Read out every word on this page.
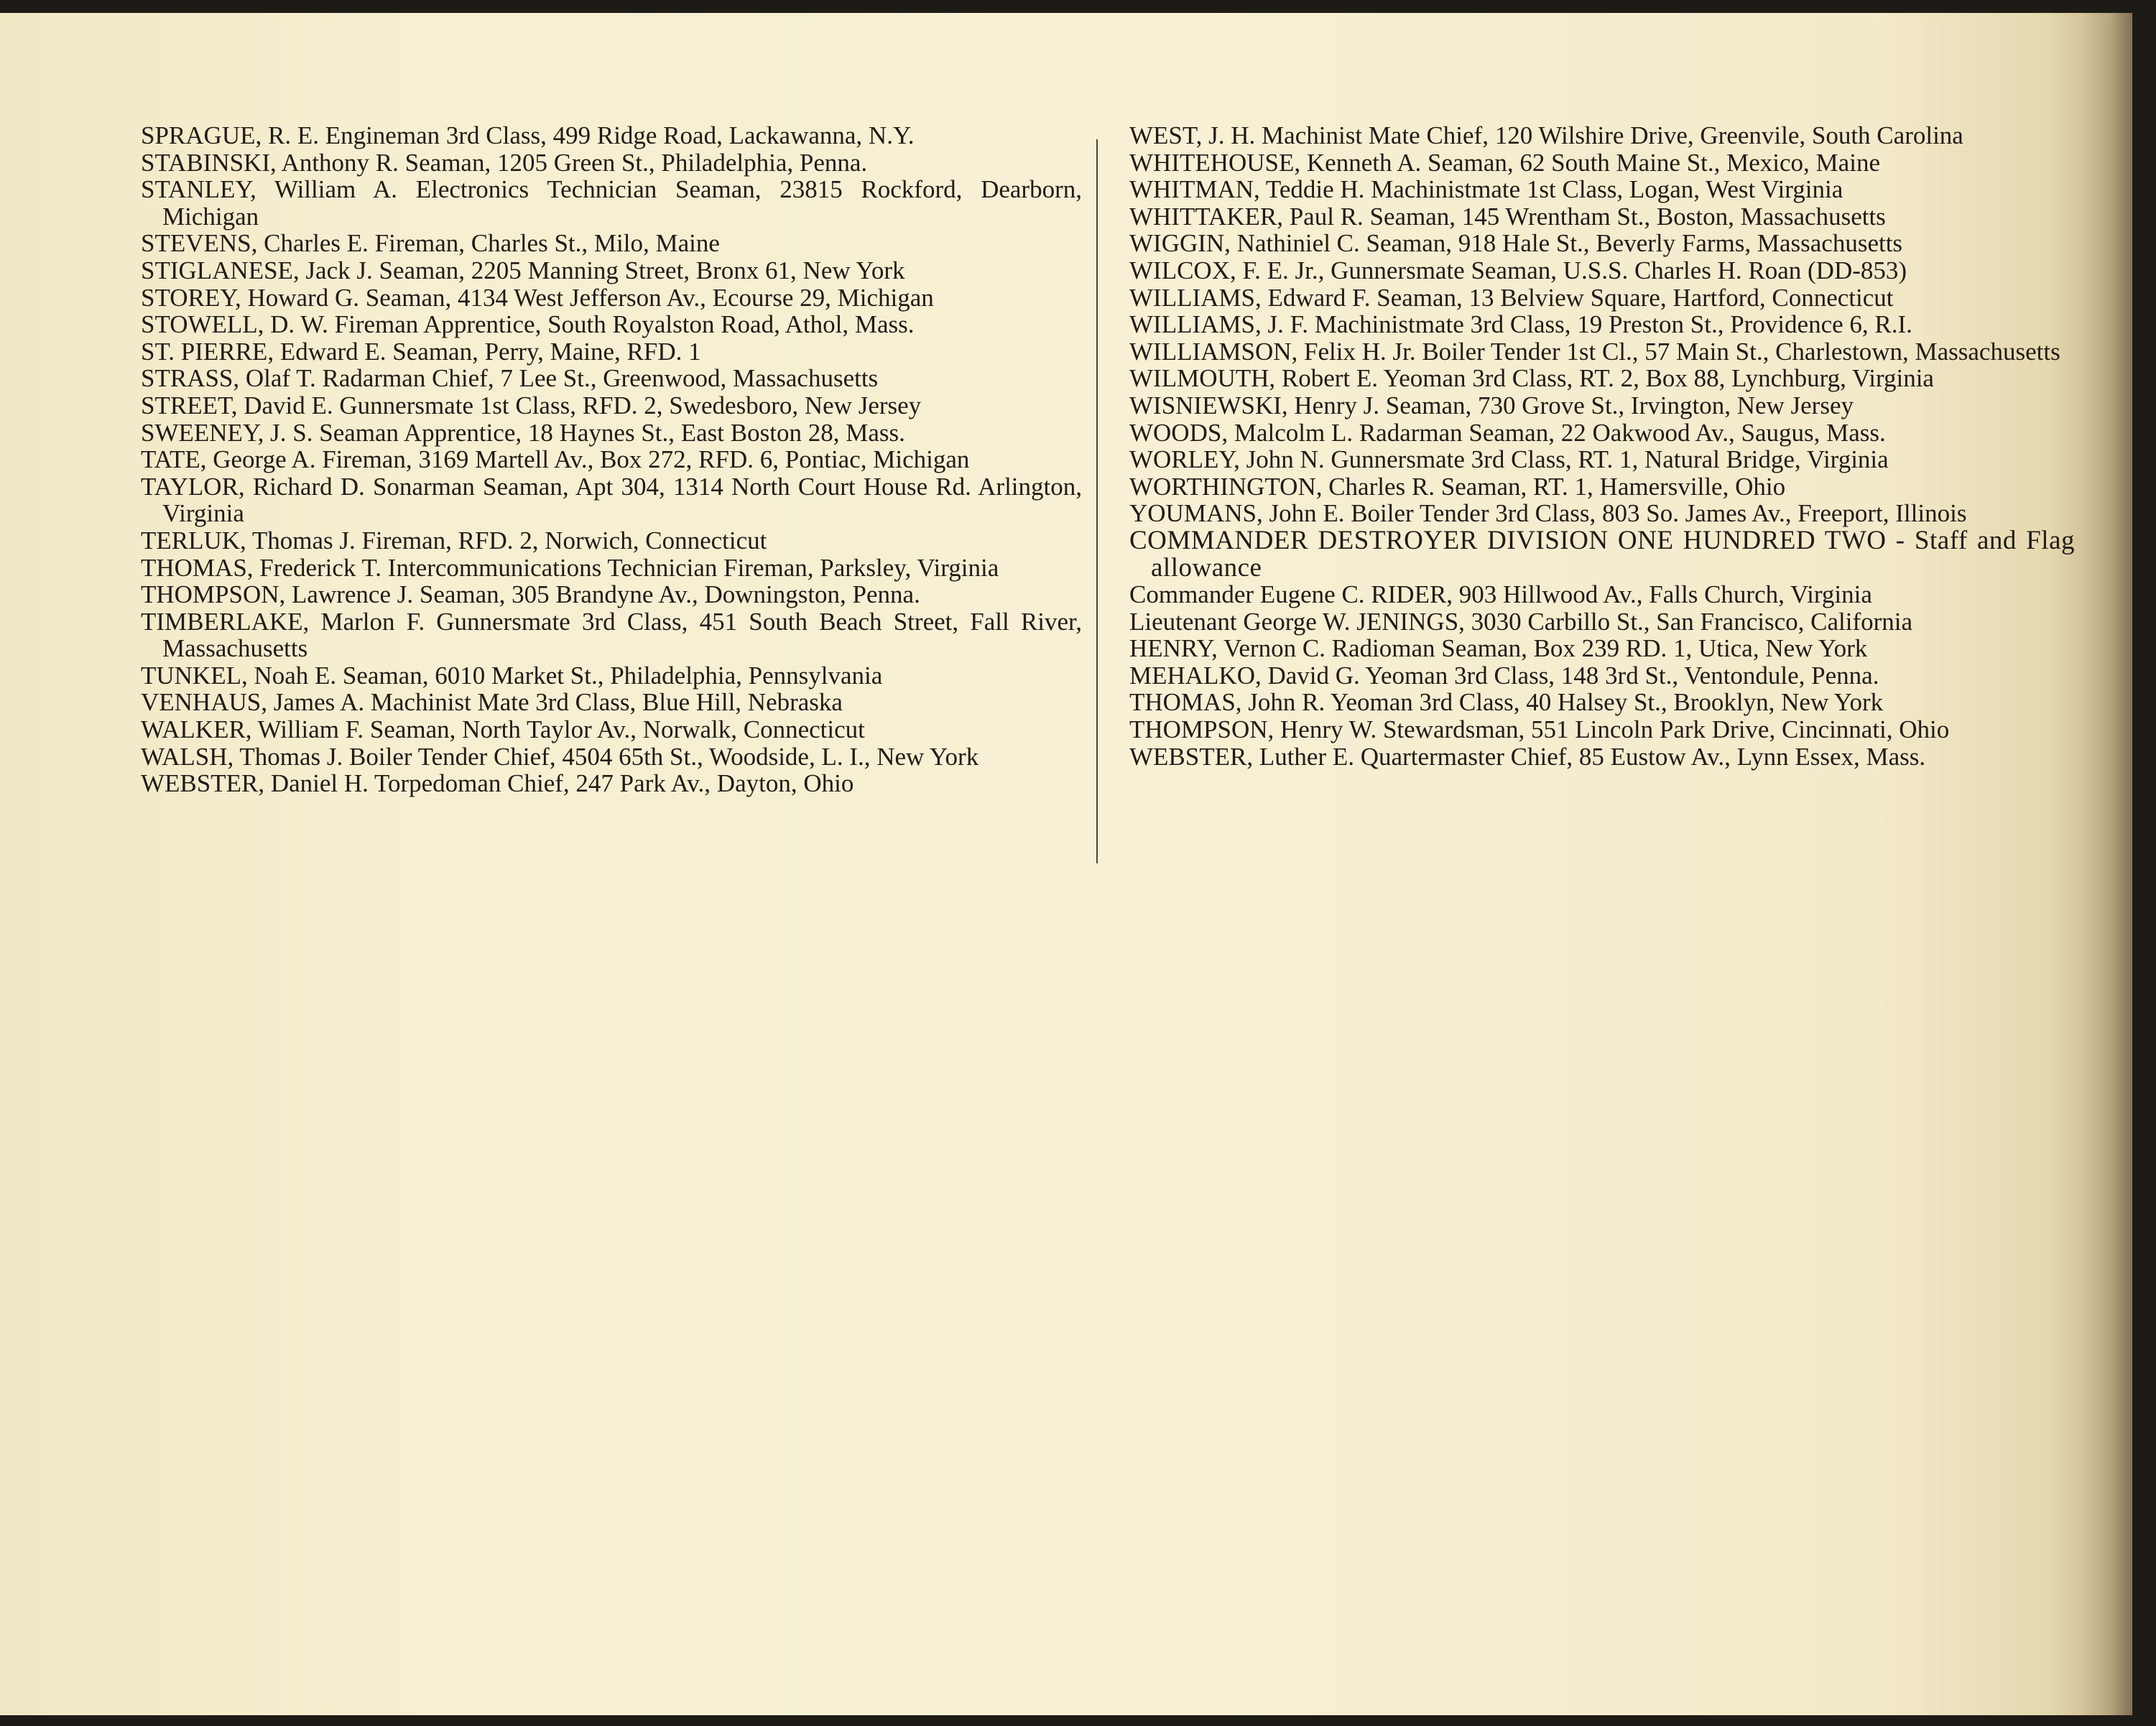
SPRAGUE, R. E. Engineman 3rd Class, 499 Ridge Road, Lackawanna, N.Y.

STABINSKI, Anthony R. Seaman, 1205 Green St., Philadelphia, Penna.

STANLEY, William A. Electronics Technician Seaman, 23815 Rockford, Dearborn, Michigan

STEVENS, Charles E. Fireman, Charles St., Milo, Maine

STIGLANESE, Jack J. Seaman, 2205 Manning Street, Bronx 61, New York

STOREY, Howard G. Seaman, 4134 West Jefferson Av., Ecourse 29, Michigan

STOWELL, D. W. Fireman Apprentice, South Royalston Road, Athol, Mass.

ST. PIERRE, Edward E. Seaman, Perry, Maine, RFD. 1

STRASS, Olaf T. Radarman Chief, 7 Lee St., Greenwood, Massachusetts

STREET, David E. Gunnersmate 1st Class, RFD. 2, Swedesboro, New Jersey

SWEENEY, J. S. Seaman Apprentice, 18 Haynes St., East Boston 28, Mass.

TATE, George A. Fireman, 3169 Martell Av., Box 272, RFD. 6, Pontiac, Michigan

TAYLOR, Richard D. Sonarman Seaman, Apt 304, 1314 North Court House Rd. Arlington, Virginia

TERLUK, Thomas J. Fireman, RFD. 2, Norwich, Connecticut

THOMAS, Frederick T. Intercommunications Technician Fireman, Parksley, Virginia

THOMPSON, Lawrence J. Seaman, 305 Brandyne Av., Downingston, Penna.

TIMBERLAKE, Marlon F. Gunnersmate 3rd Class, 451 South Beach Street, Fall River, Massachusetts

TUNKEL, Noah E. Seaman, 6010 Market St., Philadelphia, Pennsylvania

VENHAUS, James A. Machinist Mate 3rd Class, Blue Hill, Nebraska

WALKER, William F. Seaman, North Taylor Av., Norwalk, Connecticut

WALSH, Thomas J. Boiler Tender Chief, 4504 65th St., Woodside, L. I., New York

WEBSTER, Daniel H. Torpedoman Chief, 247 Park Av., Dayton, Ohio

WEST, J. H. Machinist Mate Chief, 120 Wilshire Drive, Greenvile, South Carolina

WHITEHOUSE, Kenneth A. Seaman, 62 South Maine St., Mexico, Maine

WHITMAN, Teddie H. Machinistmate 1st Class, Logan, West Virginia

WHITTAKER, Paul R. Seaman, 145 Wrentham St., Boston, Massachusetts

WIGGIN, Nathiniel C. Seaman, 918 Hale St., Beverly Farms, Massachusetts

WILCOX, F. E. Jr., Gunnersmate Seaman, U.S.S. Charles H. Roan (DD-853)

WILLIAMS, Edward F. Seaman, 13 Belview Square, Hartford, Connecticut

WILLIAMS, J. F. Machinistmate 3rd Class, 19 Preston St., Providence 6, R.I.

WILLIAMSON, Felix H. Jr. Boiler Tender 1st Cl., 57 Main St., Charlestown, Massachusetts

WILMOUTH, Robert E. Yeoman 3rd Class, RT. 2, Box 88, Lynchburg, Virginia

WISNIEWSKI, Henry J. Seaman, 730 Grove St., Irvington, New Jersey

WOODS, Malcolm L. Radarman Seaman, 22 Oakwood Av., Saugus, Mass.

WORLEY, John N. Gunnersmate 3rd Class, RT. 1, Natural Bridge, Virginia

WORTHINGTON, Charles R. Seaman, RT. 1, Hamersville, Ohio

YOUMANS, John E. Boiler Tender 3rd Class, 803 So. James Av., Freeport, Illinois

COMMANDER DESTROYER DIVISION ONE HUNDRED TWO - Staff and Flag allowance

Commander Eugene C. RIDER, 903 Hillwood Av., Falls Church, Virginia

Lieutenant George W. JENINGS, 3030 Carbillo St., San Francisco, California

HENRY, Vernon C. Radioman Seaman, Box 239 RD. 1, Utica, New York

MEHALKO, David G. Yeoman 3rd Class, 148 3rd St., Ventondule, Penna.

THOMAS, John R. Yeoman 3rd Class, 40 Halsey St., Brooklyn, New York

THOMPSON, Henry W. Stewardsman, 551 Lincoln Park Drive, Cincinnati, Ohio

WEBSTER, Luther E. Quartermaster Chief, 85 Eustow Av., Lynn Essex, Mass.
